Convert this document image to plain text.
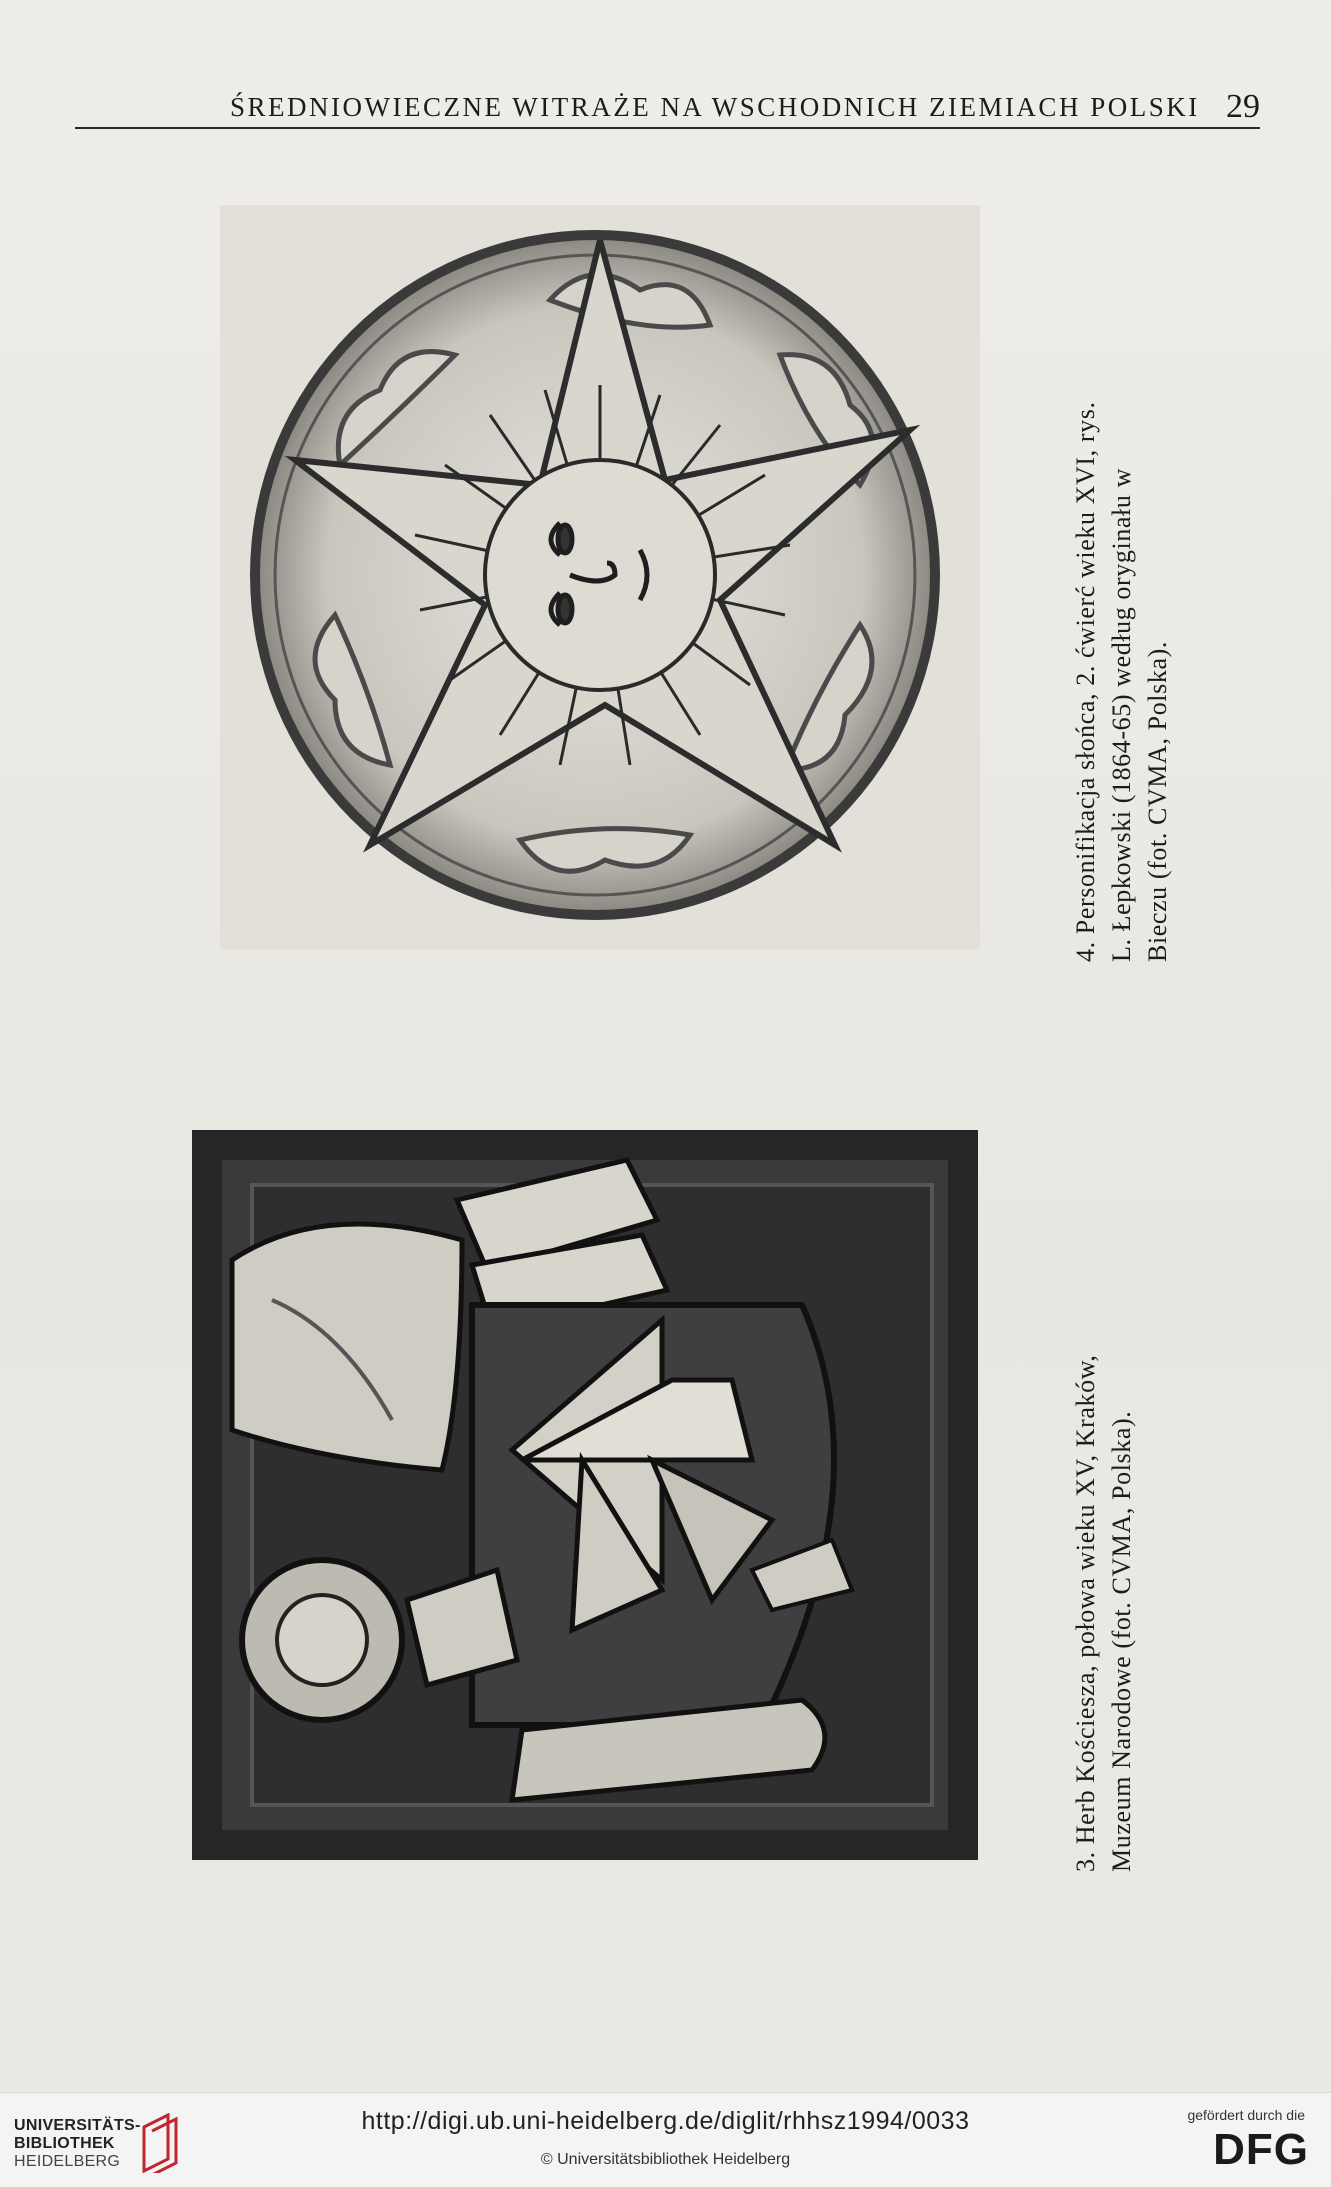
ŚREDNIOWIECZNE WITRAŻE NA WSCHODNICH ZIEMIACH POLSKI 29
4. Personifikacja słońca, 2. ćwierć wieku XVI, rys. L. Łepkowski (1864-65) według oryginału w Bieczu (fot. CVMA, Polska).
3. Herb Kościesza, połowa wieku XV, Kraków, Muzeum Narodowe (fot. CVMA, Polska).
UNIVERSITÄTS-
BIBLIOTHEK
HEIDELBERG
http://digi.ub.uni-heidelberg.de/diglit/rhhsz1994/0033
© Universitätsbibliothek Heidelberg
gefördert durch die
DFG
